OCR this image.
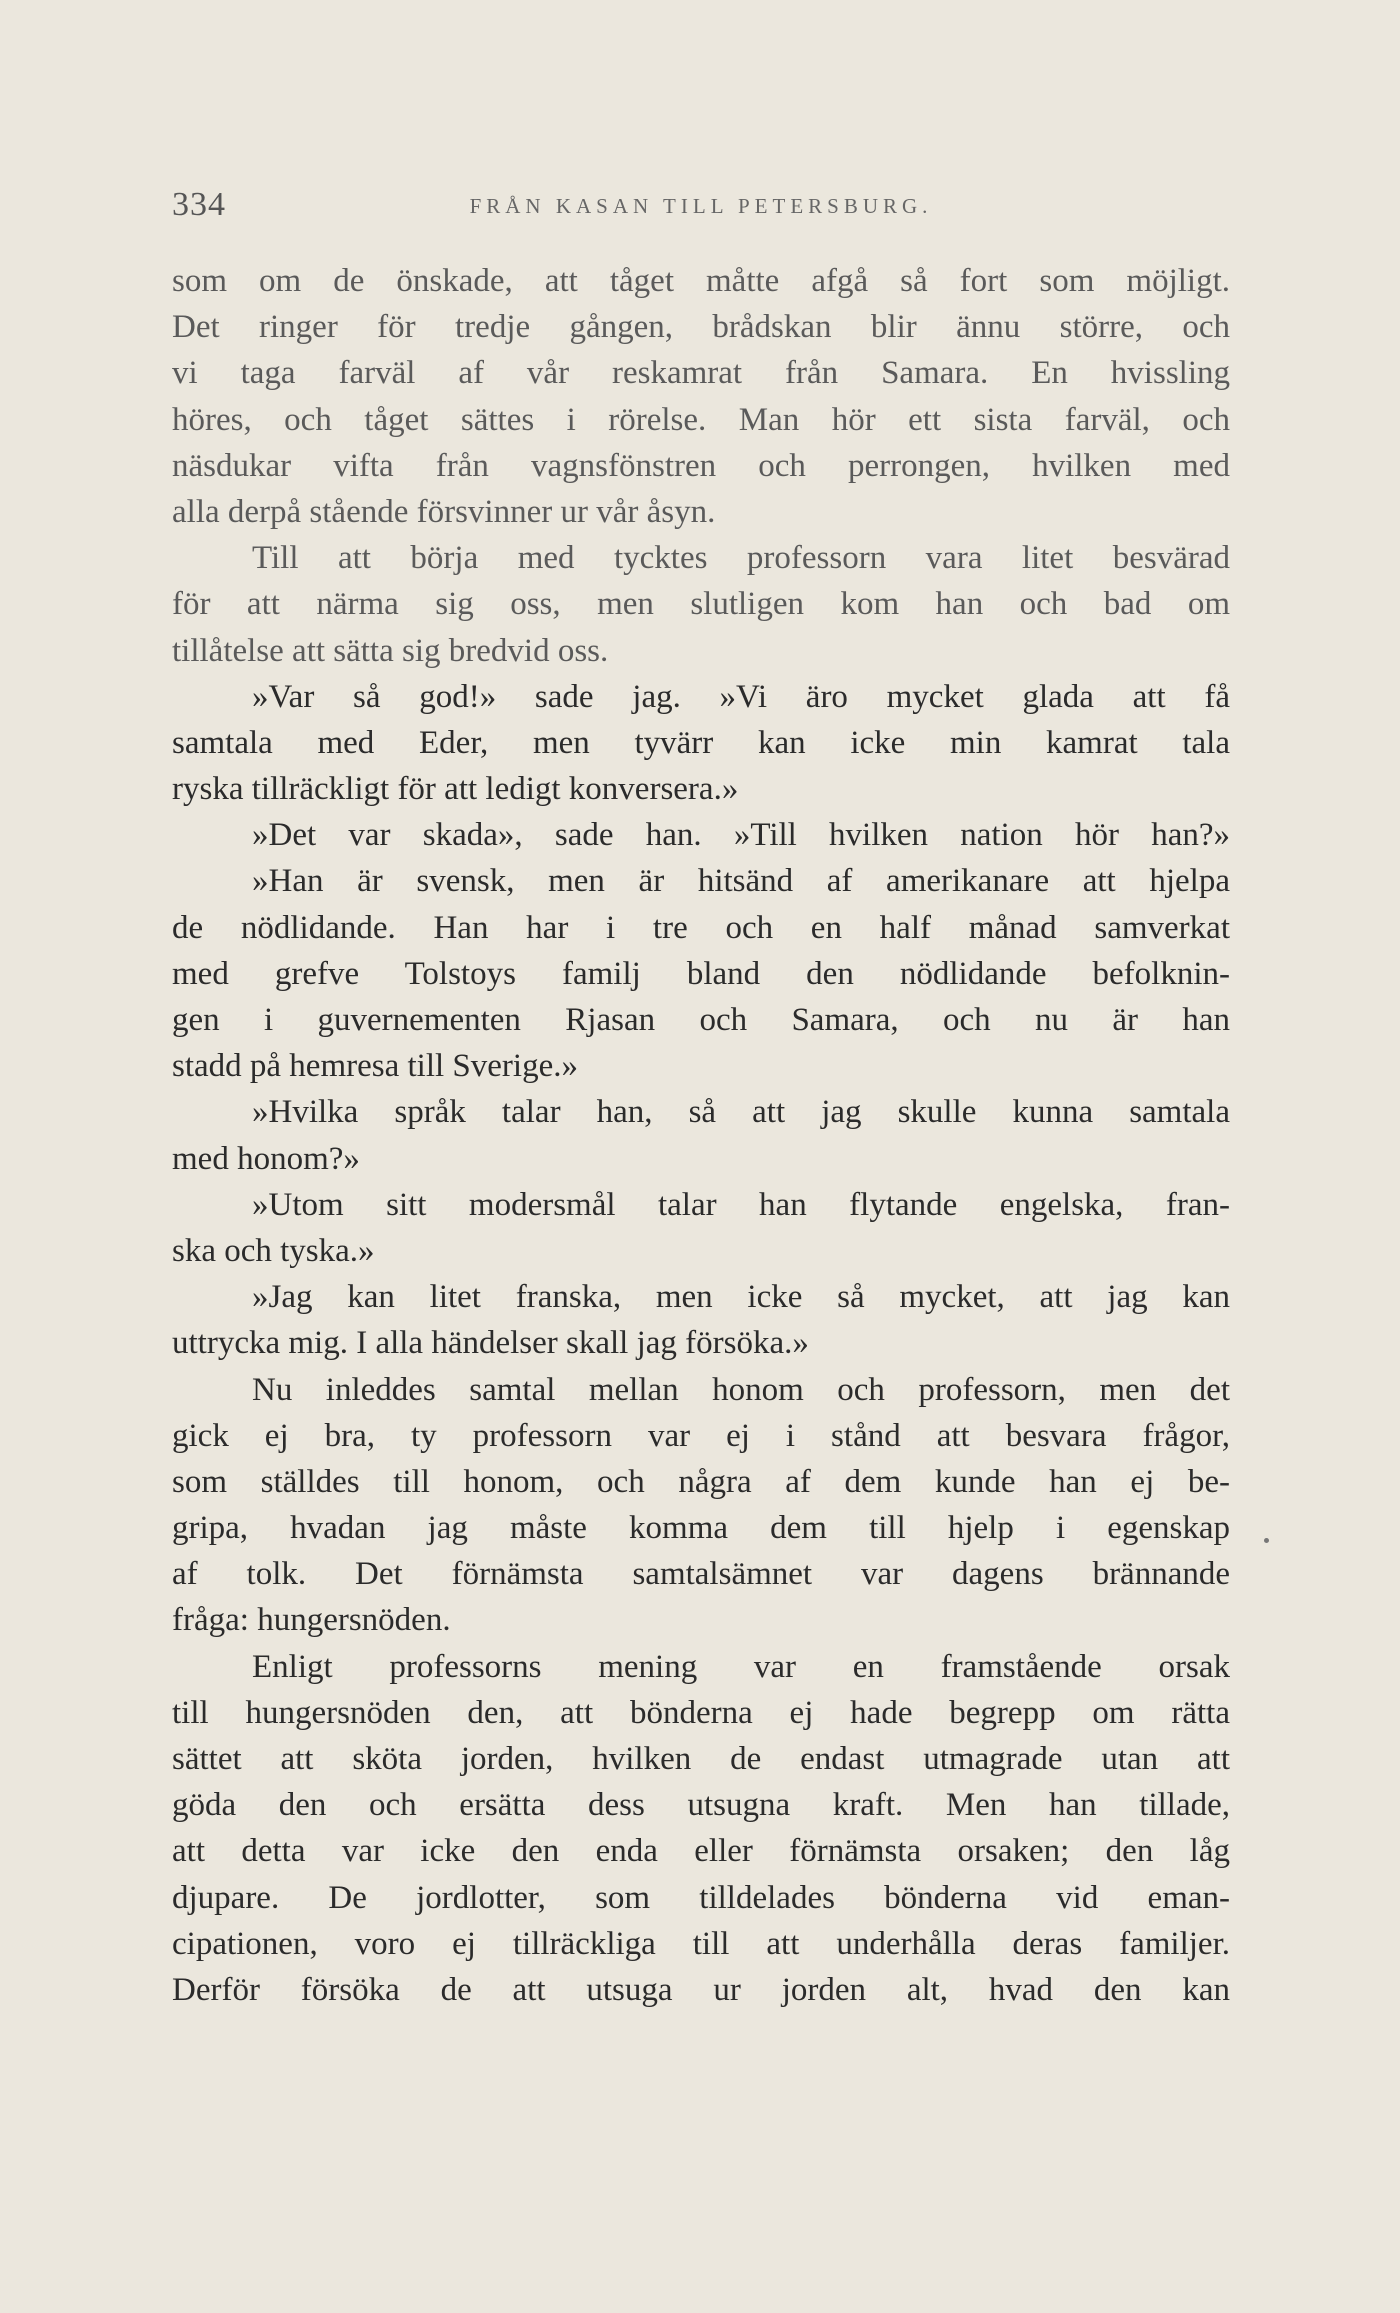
334	FRÅN KASAN TILL PETERSBURG.
som om de önskade, att tåget måtte afgå så fort som möjligt.
Det ringer för tredje gången, brådskan blir ännu större, och
vi taga farväl af vår reskamrat från Samara. En hvissling
höres, och tåget sättes i rörelse. Man hör ett sista farväl, och
näsdukar vifta från vagnsfönstren och perrongen, hvilken med
alla derpå stående försvinner ur vår åsyn.
Till att börja med tycktes professorn vara litet besvärad
för att närma sig oss, men slutligen kom han och bad om
tillåtelse att sätta sig bredvid oss.
»Var så god!» sade jag. »Vi äro mycket glada att få
samtala med Eder, men tyvärr kan icke min kamrat tala
ryska tillräckligt för att ledigt konversera.»
»Det var skada», sade han. »Till hvilken nation hör han?»
»Han är svensk, men är hitsänd af amerikanare att hjelpa
de nödlidande. Han har i tre och en half månad samverkat
med grefve Tolstoys familj bland den nödlidande befolknin-
gen i guvernementen Rjasan och Samara, och nu är han
stadd på hemresa till Sverige.»
»Hvilka språk talar han, så att jag skulle kunna samtala
med honom?»
»Utom sitt modersmål talar han flytande engelska, fran-
ska och tyska.»
»Jag kan litet franska, men icke så mycket, att jag kan
uttrycka mig. I alla händelser skall jag försöka.»
Nu inleddes samtal mellan honom och professorn, men det
gick ej bra, ty professorn var ej i stånd att besvara frågor,
som ställdes till honom, och några af dem kunde han ej be-
gripa, hvadan jag måste komma dem till hjelp i egenskap
af tolk. Det förnämsta samtalsämnet var dagens brännande
fråga: hungersnöden.
Enligt professorns mening var en framstående orsak
till hungersnöden den, att bönderna ej hade begrepp om rätta
sättet att sköta jorden, hvilken de endast utmagrade utan att
göda den och ersätta dess utsugna kraft. Men han tillade,
att detta var icke den enda eller förnämsta orsaken; den låg
djupare. De jordlotter, som tilldelades bönderna vid eman-
cipationen, voro ej tillräckliga till att underhålla deras familjer.
Derför försöka de att utsuga ur jorden alt, hvad den kan
